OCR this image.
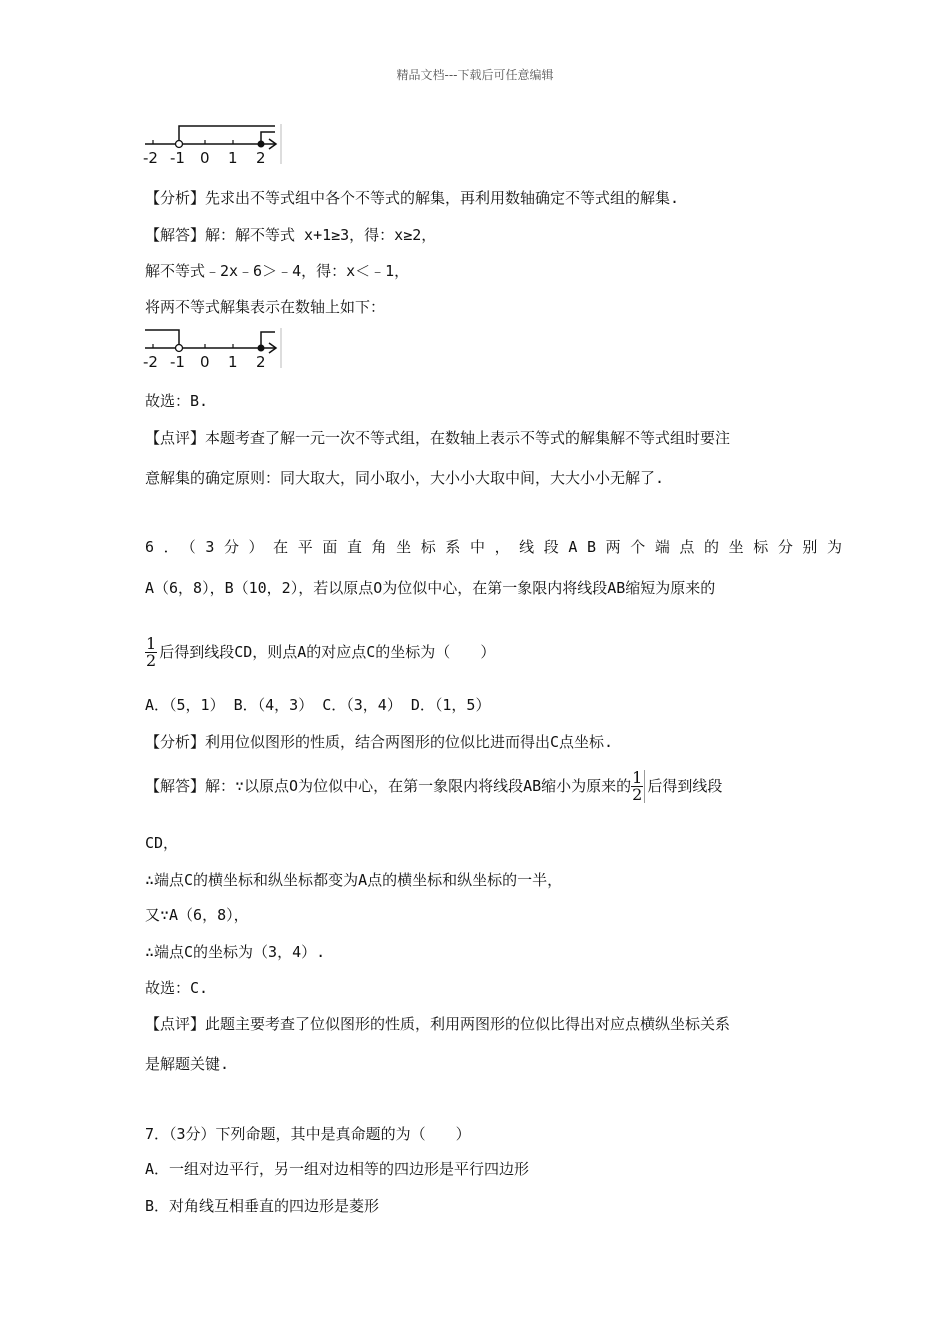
精品文档---下载后可任意编辑
-2 -1 0 1 2
【分析】先求出不等式组中各个不等式的解集，再利用数轴确定不等式组的解集.
【解答】解：解不等式 x+1≥3，得：x≥2，
解不等式﹣2x﹣6＞﹣4，得：x＜﹣1，
将两不等式解集表示在数轴上如下：
-2 -1 0 1 2
故选：B.
【点评】本题考查了解一元一次不等式组，在数轴上表示不等式的解集解不等式组时要注
意解集的确定原则：同大取大，同小取小，大小小大取中间，大大小小无解了.
6．（3分）在平面直角坐标系中，线段AB两个端点的坐标分别为
A（6，8），B（10，2），若以原点O为位似中心，在第一象限内将线段AB缩短为原来的
$\frac{1}{2}$ 后得到线段CD，则点A的对应点C的坐标为（　　）
A．（5，1） B．（4，3） C．（3，4） D．（1，5）
【分析】利用位似图形的性质，结合两图形的位似比进而得出C点坐标.
【解答】解：∵以原点O为位似中心，在第一象限内将线段AB缩小为原来的 $\frac{1}{2}$ 后得到线段
CD，
∴端点C的横坐标和纵坐标都变为A点的横坐标和纵坐标的一半，
又∵A（6，8），
∴端点C的坐标为（3，4）.
故选：C.
【点评】此题主要考查了位似图形的性质，利用两图形的位似比得出对应点横纵坐标关系
是解题关键.
7．（3分）下列命题，其中是真命题的为（　　）
A．一组对边平行，另一组对边相等的四边形是平行四边形
B．对角线互相垂直的四边形是菱形
